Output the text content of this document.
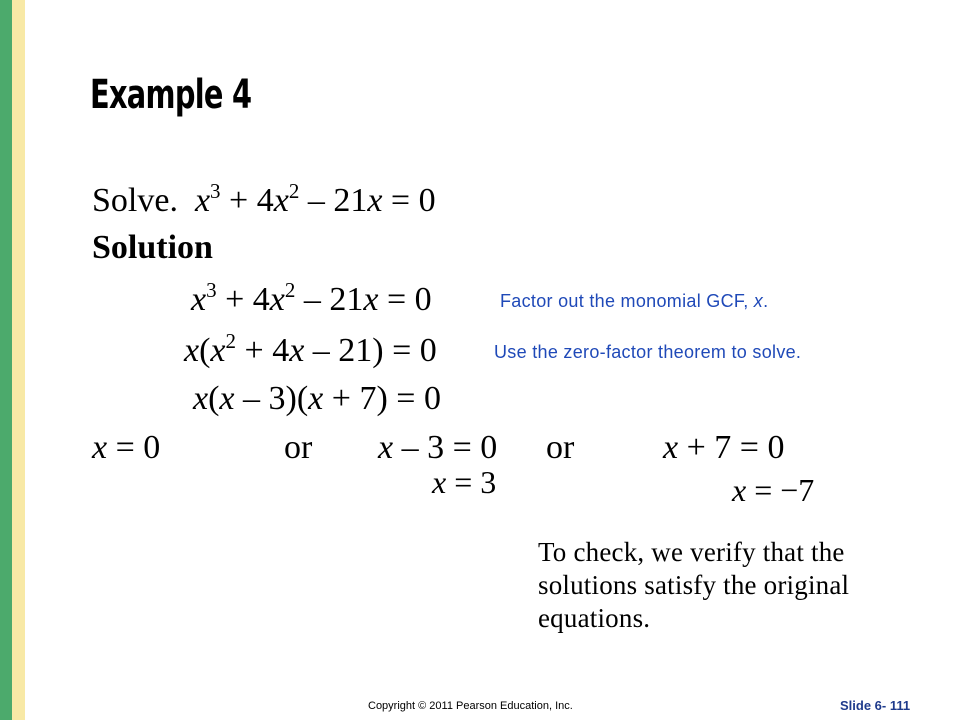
Example 4
Solve. $x^3 + 4x^2 - 21x = 0$
Solution
$x^3 + 4x^2 - 21x = 0$	Factor out the monomial GCF, x.
$x(x^2 + 4x - 21) = 0$	Use the zero-factor theorem to solve.
x(x – 3)(x + 7) = 0
x = 0	or x – 3 = 0 or	x + 7 = 0
x = 3	x = −7
To check, we verify that the solutions satisfy the original equations.
Copyright © 2011 Pearson Education, Inc.	Slide 6- 111
